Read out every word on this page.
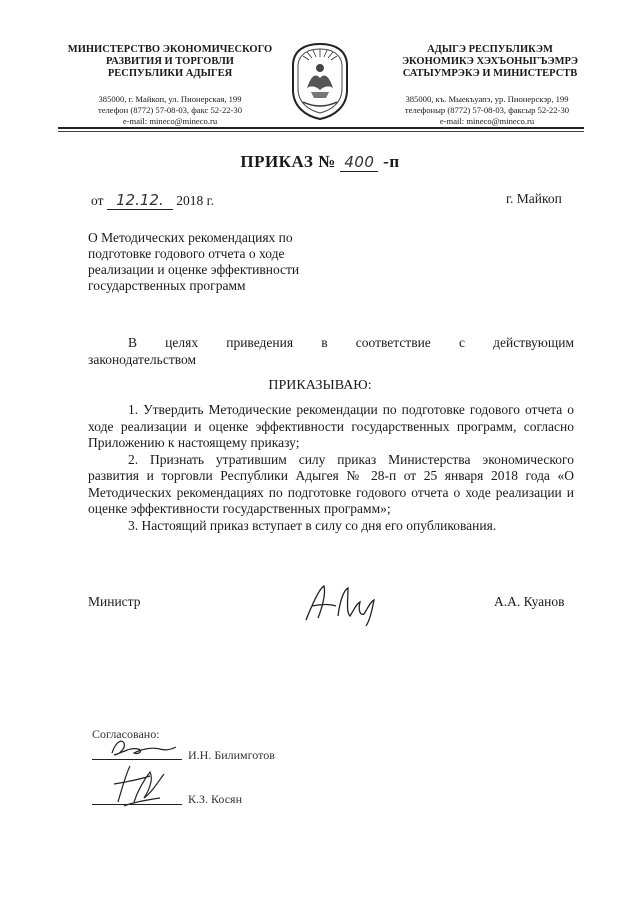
МИНИСТЕРСТВО ЭКОНОМИЧЕСКОГО
РАЗВИТИЯ И ТОРГОВЛИ
РЕСПУБЛИКИ АДЫГЕЯ
385000, г. Майкоп, ул. Пионерская, 199
телефон (8772) 57-08-03, факс 52-22-30
e-mail: mineco@mineco.ru
АДЫГЭ РЕСПУБЛИКЭМ
ЭКОНОМИКЭ ХЭХЪОНЫГЪЭМРЭ
САТЫУМРЭКЭ И МИНИСТЕРСТВ
385000, къ. Мыекъуапэ, ур. Пионерскэр, 199
телефоныр (8772) 57-08-03, факсыр 52-22-30
e-mail: mineco@mineco.ru
ПРИКАЗ № 400 -п
от 12.12. 2018 г.	г. Майкоп
О Методических рекомендациях по
подготовке годового отчета о ходе
реализации и оценке эффективности
государственных программ
В целях приведения в соответствие с действующим
законодательством
ПРИКАЗЫВАЮ:

1. Утвердить Методические рекомендации по подготовке годового отчета о ходе реализации и оценке эффективности государственных программ, согласно Приложению к настоящему приказу;

2. Признать утратившим силу приказ Министерства экономического развития и торговли Республики Адыгея № 28-п от 25 января 2018 года «О Методических рекомендациях по подготовке годового отчета о ходе реализации и оценке эффективности государственных программ»;

3. Настоящий приказ вступает в силу со дня его опубликования.

Министр	А.А. Куанов
Согласовано:
И.Н. Билимготов
К.З. Косян
